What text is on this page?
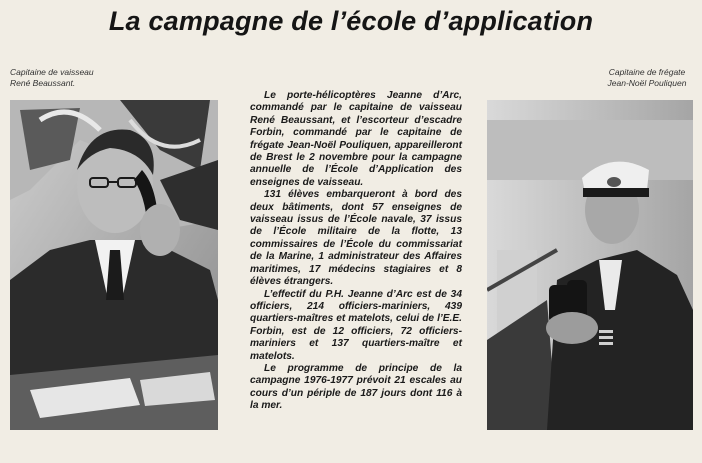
La campagne de l’école d’application
Capitaine de vaisseau
René Beaussant.
Capitaine de frégate
Jean-Noël Pouliquen

Le porte-hélicoptères Jeanne d’Arc, commandé par le capitaine de vaisseau René Beaussant, et l’escorteur d’escadre Forbin, commandé par le capitaine de frégate Jean-Noël Pouliquen, appareilleront de Brest le 2 novembre pour la campagne annuelle de l’École d’Application des enseignes de vaisseau.

131 élèves embarqueront à bord des deux bâtiments, dont 57 enseignes de vaisseau issus de l’École navale, 37 issus de l’École militaire de la flotte, 13 commissaires de l’École du commissariat de la Marine, 1 administrateur des Affaires maritimes, 17 médecins stagiaires et 8 élèves étrangers.

L’effectif du P.H. Jeanne d’Arc est de 34 officiers, 214 officiers-mariniers, 439 quartiers-maîtres et matelots, celui de l’E.E. Forbin, est de 12 officiers, 72 officiers-mariniers et 137 quartiers-maître et matelots.

Le programme de principe de la campagne 1976-1977 prévoit 21 escales au cours d’un périple de 187 jours dont 116 à la mer.
